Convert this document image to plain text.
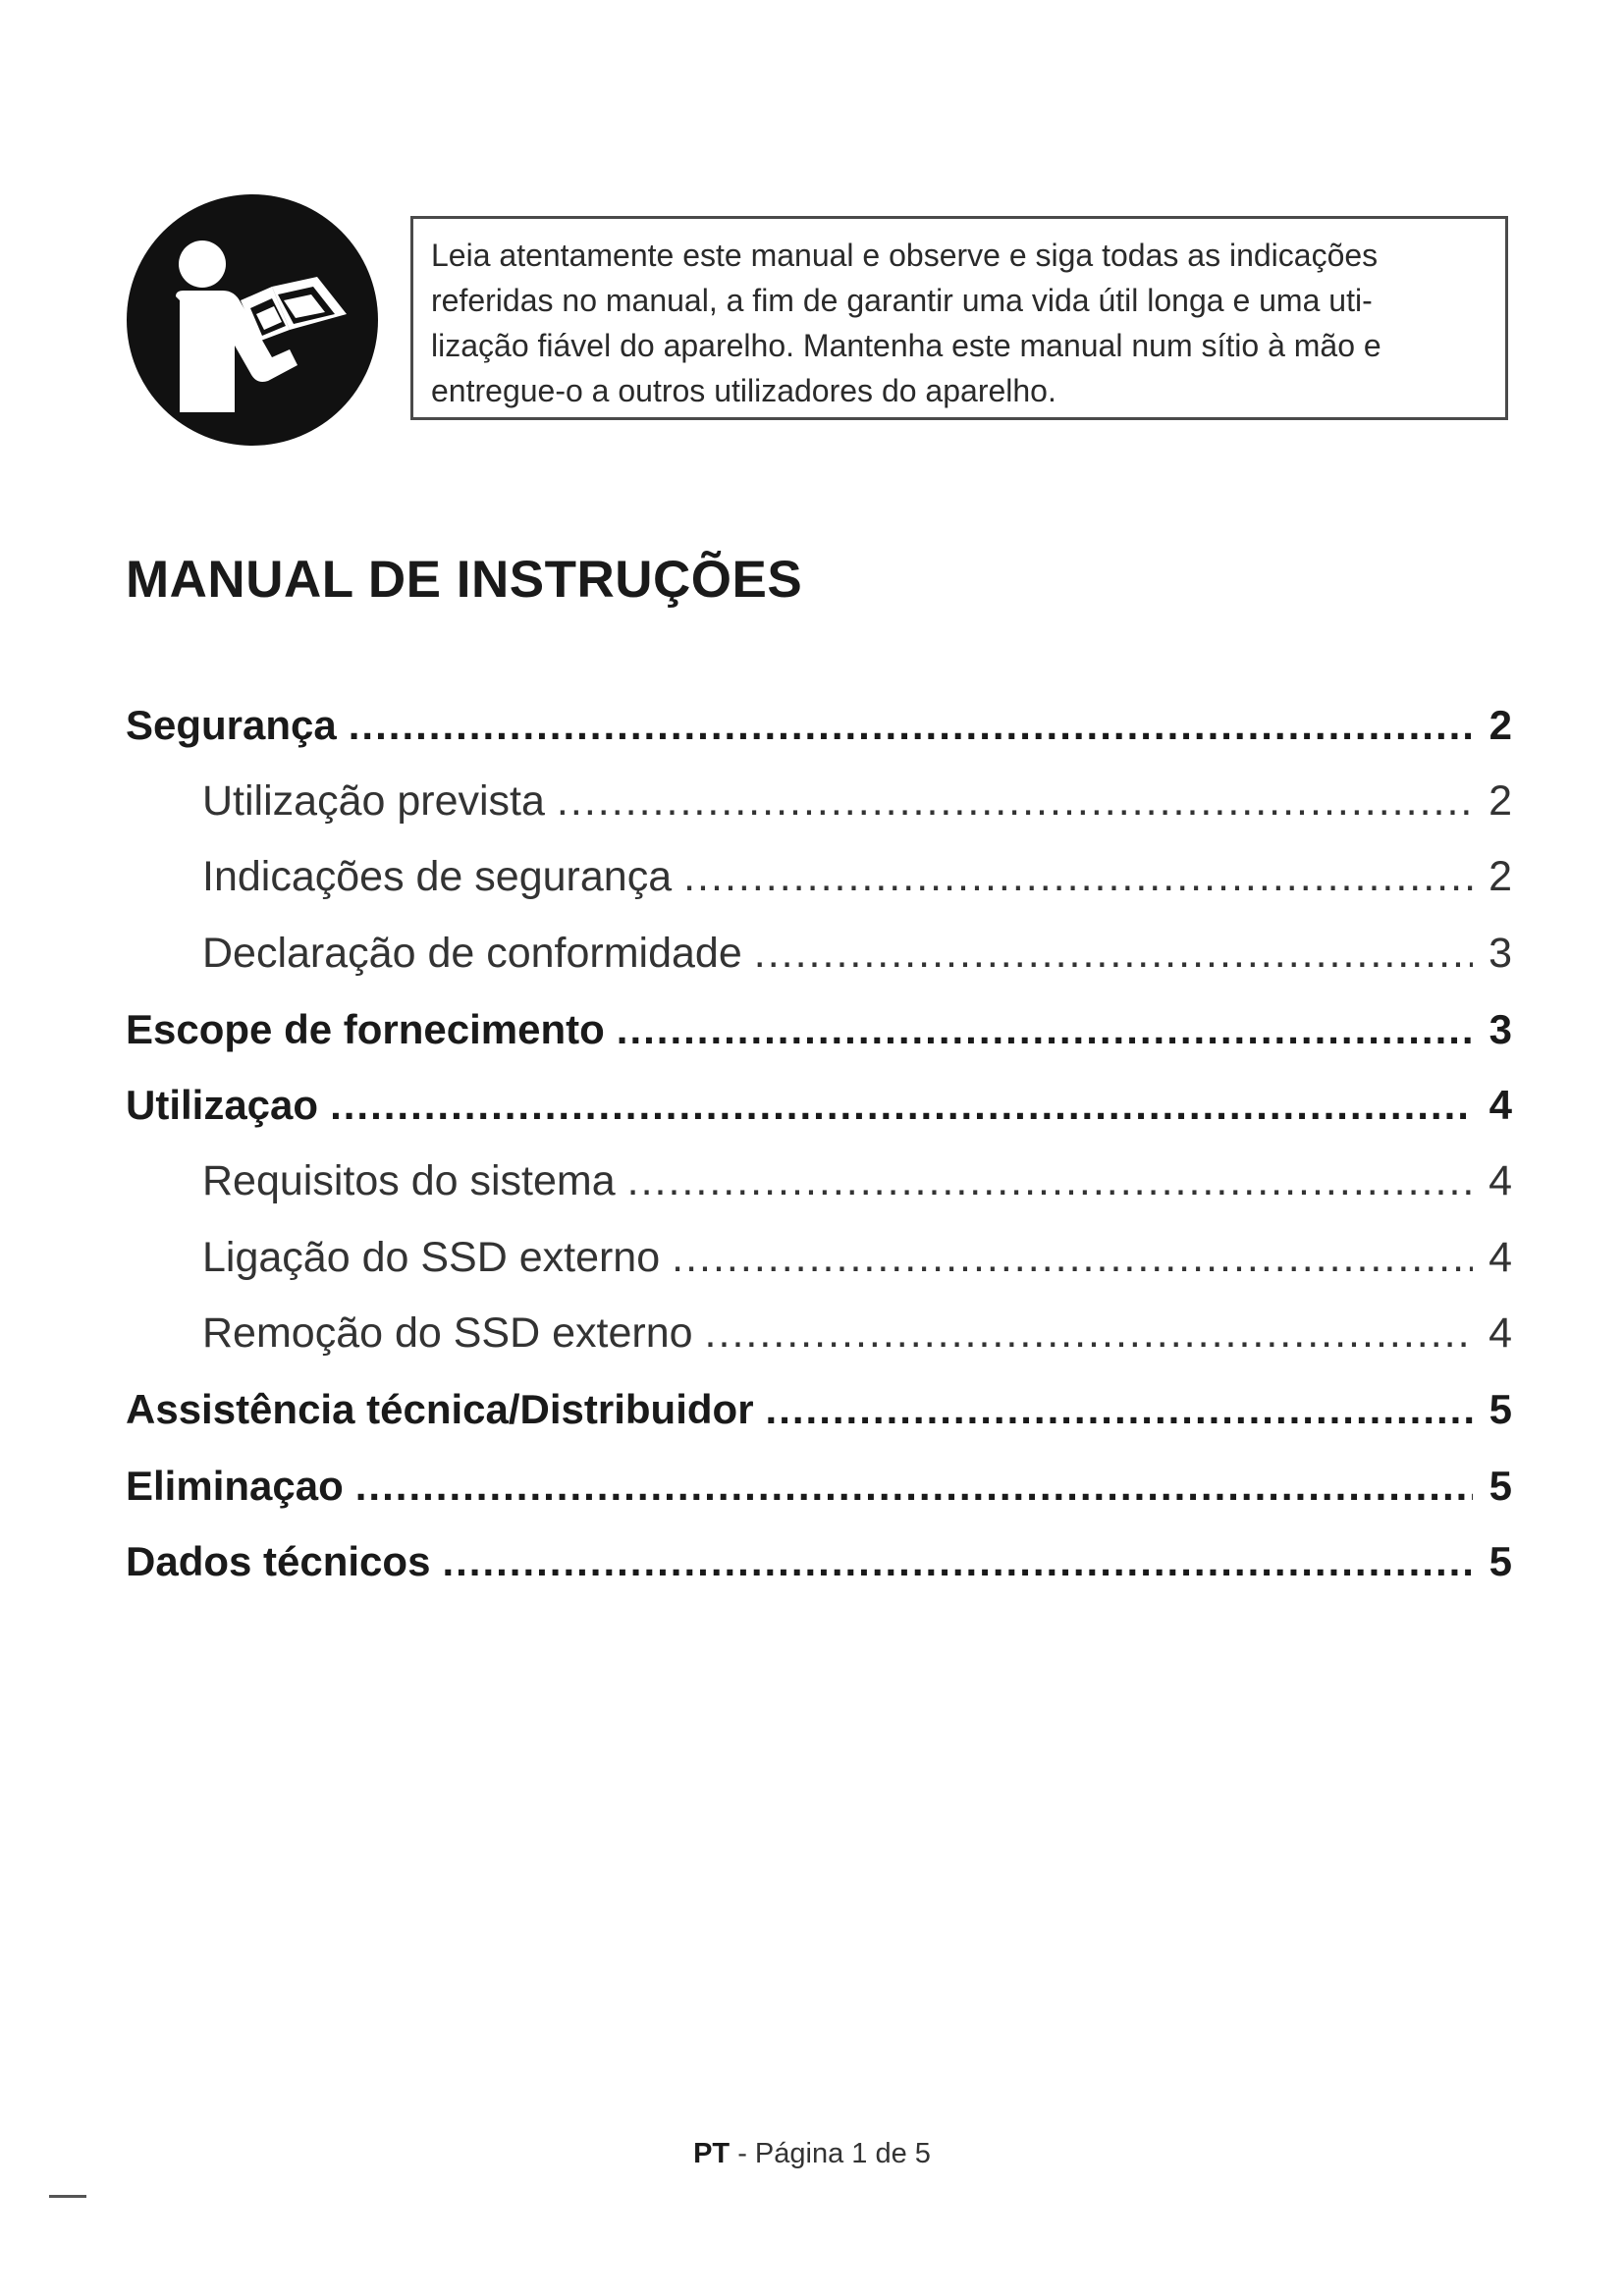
Leia atentamente este manual e observe e siga todas as indicações
referidas no manual, a fim de garantir uma vida útil longa e uma uti-
lização fiável do aparelho. Mantenha este manual num sítio à mão e
entregue-o a outros utilizadores do aparelho.
MANUAL DE INSTRUÇÕES
Segurança .....	2
Utilização prevista .....	2
Indicações de segurança .....	2
Declaração de conformidade .....	3
Escope de fornecimento .....	3
Utilizaçao .....	4
Requisitos do sistema .....	4
Ligação do SSD externo .....	4
Remoção do SSD externo .....	4
Assistência técnica/Distribuidor .....	5
Eliminaçao .....	5
Dados técnicos .....	5
PT - Página 1 de 5
